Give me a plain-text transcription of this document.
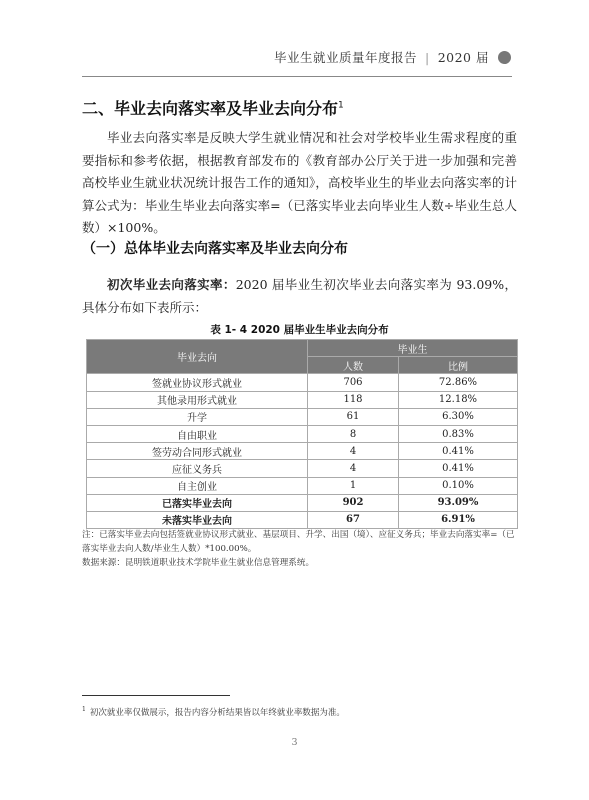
毕业生就业质量年度报告 | 2020 届
二、毕业去向落实率及毕业去向分布$^1$
毕业去向落实率是反映大学生就业情况和社会对学校毕业生需求程度的重要指标和参考依据，根据教育部发布的《教育部办公厅关于进一步加强和完善高校毕业生就业状况统计报告工作的通知》，高校毕业生的毕业去向落实率的计算公式为：毕业生毕业去向落实率=（已落实毕业去向毕业生人数÷毕业生总人数）×100%。
（一）总体毕业去向落实率及毕业去向分布
初次毕业去向落实率：2020 届毕业生初次毕业去向落实率为 93.09%，具体分布如下表所示：
表 1- 4 2020 届毕业生毕业去向分布
毕业去向	毕业生	
	人数	比例
签就业协议形式就业	706	72.86%
其他录用形式就业	118	12.18%
升学	61	6.30%
自由职业	8	0.83%
签劳动合同形式就业	4	0.41%
应征义务兵	4	0.41%
自主创业	1	0.10%
已落实毕业去向	902	93.09%
未落实毕业去向	67	6.91%
注：已落实毕业去向包括签就业协议形式就业、基层项目、升学、出国（境）、应征义务兵；毕业去向落实率=（已落实毕业去向人数/毕业生人数）*100.00%。
数据来源：昆明铁道职业技术学院毕业生就业信息管理系统。
$^1$ 初次就业率仅做展示，报告内容分析结果皆以年终就业率数据为准。
3
